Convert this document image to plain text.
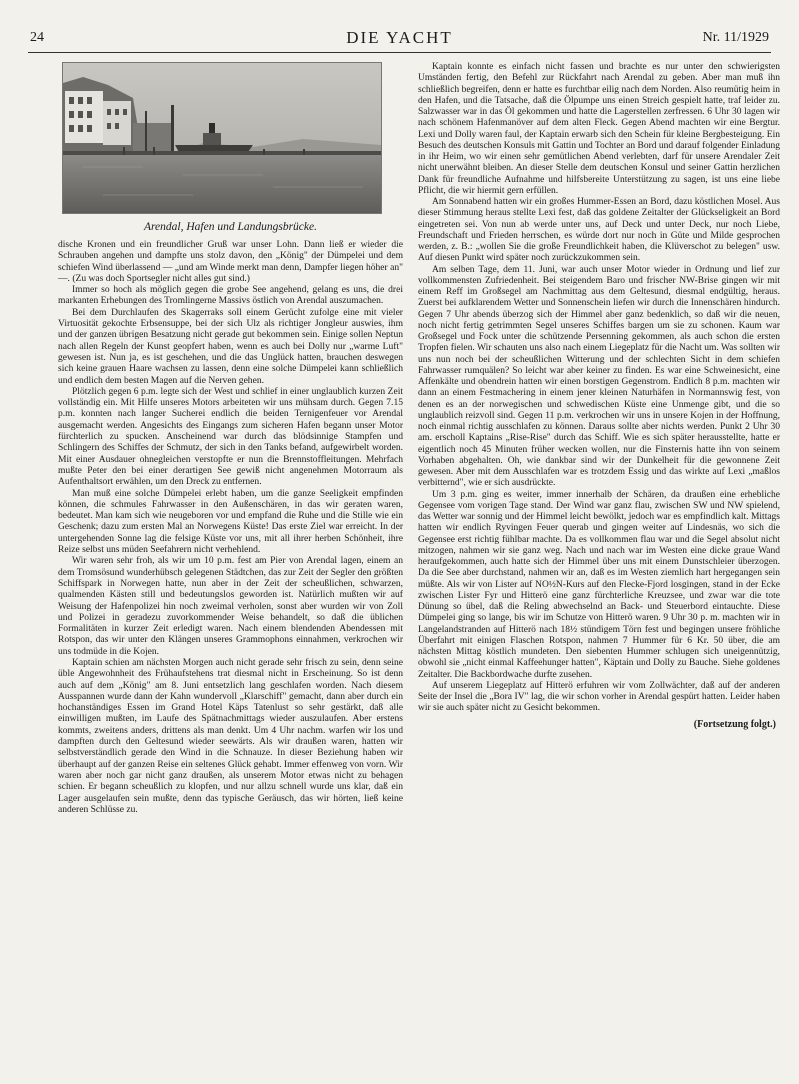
24	DIE YACHT	Nr. 11/1929
Arendal, Hafen und Landungsbrücke.

dische Kronen und ein freundlicher Gruß war unser Lohn. Dann ließ er wieder die Schrauben angehen und dampfte uns stolz davon, den „König" der Dümpelei und dem schiefen Wind überlassend — „und am Winde merkt man denn, Dampfer liegen höher an" —. (Zu was doch Sportsegler nicht alles gut sind.)

Immer so hoch als möglich gegen die grobe See angehend, gelang es uns, die drei markanten Erhebungen des Tromlingerne Massivs östlich von Arendal auszumachen.

Bei dem Durchlaufen des Skagerraks soll einem Gerücht zufolge eine mit vieler Virtuosität gekochte Erbsensuppe, bei der sich Ulz als richtiger Jongleur auswies, ihm und der ganzen übrigen Besatzung nicht gerade gut bekommen sein. Einige sollen Neptun nach allen Regeln der Kunst geopfert haben, wenn es auch bei Dolly nur „warme Luft" gewesen ist. Nun ja, es ist geschehen, und die das Unglück hatten, brauchen deswegen sich keine grauen Haare wachsen zu lassen, denn eine solche Dümpelei kann schließlich und endlich dem besten Magen auf die Nerven gehen.

Plötzlich gegen 6 p.m. legte sich der West und schlief in einer unglaublich kurzen Zeit vollständig ein. Mit Hilfe unseres Motors arbeiteten wir uns mühsam durch. Gegen 7.15 p.m. konnten nach langer Sucherei endlich die beiden Ternigenfeuer vor Arendal ausgemacht werden. Angesichts des Eingangs zum sicheren Hafen begann unser Motor fürchterlich zu spucken. Anscheinend war durch das blödsinnige Stampfen und Schlingern des Schiffes der Schmutz, der sich in den Tanks befand, aufgewirbelt worden. Mit einer Ausdauer ohnegleichen verstopfte er nun die Brennstoffleitungen. Mehrfach mußte Peter den bei einer derartigen See gewiß nicht angenehmen Motorraum als Aufenthaltsort erwählen, um den Dreck zu entfernen.

Man muß eine solche Dümpelei erlebt haben, um die ganze Seeligkeit empfinden können, die schmules Fahrwasser in den Außenschären, in das wir geraten waren, bedeutet. Man kam sich wie neugeboren vor und empfand die Ruhe und die Stille wie ein Geschenk; dazu zum ersten Mal an Norwegens Küste! Das erste Ziel war erreicht. In der untergehenden Sonne lag die felsige Küste vor uns, mit all ihrer herben Schönheit, ihre Reize selbst uns müden Seefahrern nicht verhehlend.

Wir waren sehr froh, als wir um 10 p.m. fest am Pier von Arendal lagen, einem an dem Tromsösund wunderhübsch gelegenen Städtchen, das zur Zeit der Segler den größten Schiffspark in Norwegen hatte, nun aber in der Zeit der scheußlichen, schwarzen, qualmenden Kästen still und bedeutungslos geworden ist. Natürlich mußten wir auf Weisung der Hafenpolizei hin noch zweimal verholen, sonst aber wurden wir von Zoll und Polizei in geradezu zuvorkommender Weise behandelt, so daß die üblichen Formalitäten in kurzer Zeit erledigt waren. Nach einem blendenden Abendessen mit Rotspon, das wir unter den Klängen unseres Grammophons einnahmen, verkrochen wir uns todmüde in die Kojen.

Kaptain schien am nächsten Morgen auch nicht gerade sehr frisch zu sein, denn seine üble Angewohnheit des Frühaufstehens trat diesmal nicht in Erscheinung. So ist denn auch auf dem „König" am 8. Juni entsetzlich lang geschlafen worden. Nach diesem Ausspannen wurde dann der Kahn wundervoll „Klarschiff" gemacht, dann aber durch ein hochanständiges Essen im Grand Hotel Käps Tatenlust so sehr gestärkt, daß alle einwilligen mußten, im Laufe des Spätnachmittags wieder auszulaufen. Aber erstens kommts, zweitens anders, drittens als man denkt. Um 4 Uhr nachm. warfen wir los und dampften durch den Geltesund wieder seewärts. Als wir draußen waren, hatten wir selbstverständlich gerade den Wind in die Schnauze. In dieser Beziehung haben wir überhaupt auf der ganzen Reise ein seltenes Glück gehabt. Immer effenweg von vorn. Wir waren aber noch gar nicht ganz draußen, als unserem Motor etwas nicht zu behagen schien. Er begann scheußlich zu klopfen, und nur allzu schnell wurde uns klar, daß ein Lager ausgelaufen sein mußte, denn das typische Geräusch, das wir hörten, ließ keine anderen Schlüsse zu.

Kaptain konnte es einfach nicht fassen und brachte es nur unter den schwierigsten Umständen fertig, den Befehl zur Rückfahrt nach Arendal zu geben. Aber man muß ihn schließlich begreifen, denn er hatte es furchtbar eilig nach dem Norden. Also reumütig heim in den Hafen, und die Tatsache, daß die Ölpumpe uns einen Streich gespielt hatte, traf leider zu. Salzwasser war in das Öl gekommen und hatte die Lagerstellen zerfressen. 6 Uhr 30 lagen wir nach schönem Hafenmanöver auf dem alten Fleck. Gegen Abend machten wir eine Bergtur. Lexi und Dolly waren faul, der Kaptain erwarb sich den Schein für kleine Bergbesteigung. Ein Besuch des deutschen Konsuls mit Gattin und Tochter an Bord und darauf folgender Einladung in ihr Heim, wo wir einen sehr gemütlichen Abend verlebten, darf für unsere Arendaler Zeit nicht unerwähnt bleiben. An dieser Stelle dem deutschen Konsul und seiner Gattin herzlichen Dank für freundliche Aufnahme und hilfsbereite Unterstützung zu sagen, ist uns eine liebe Pflicht, die wir hiermit gern erfüllen.

Am Sonnabend hatten wir ein großes Hummer-Essen an Bord, dazu köstlichen Mosel. Aus dieser Stimmung heraus stellte Lexi fest, daß das goldene Zeitalter der Glückseligkeit an Bord eingetreten sei. Von nun ab werde unter uns, auf Deck und unter Deck, nur noch Liebe, Freundschaft und Frieden herrschen, es würde dort nur noch in Güte und Milde gesprochen werden, z. B.: „wollen Sie die große Freundlichkeit haben, die Klüverschot zu belegen" usw. Auf diesen Punkt wird später noch zurückzukommen sein.

Am selben Tage, dem 11. Juni, war auch unser Motor wieder in Ordnung und lief zur vollkommensten Zufriedenheit. Bei steigendem Baro und frischer NW-Brise gingen wir mit einem Reff im Großsegel am Nachmittag aus dem Geltesund, diesmal endgültig, heraus. Zuerst bei aufklarendem Wetter und Sonnenschein liefen wir durch die Innenschären hindurch. Gegen 7 Uhr abends überzog sich der Himmel aber ganz bedenklich, so daß wir die neuen, noch nicht fertig getrimmten Segel unseres Schiffes bargen um sie zu schonen. Kaum war Großsegel und Fock unter die schützende Persenning gekommen, als auch schon die ersten Tropfen fielen. Wir schauten uns also nach einem Liegeplatz für die Nacht um. Was sollten wir uns nun noch bei der scheußlichen Witterung und der schlechten Sicht in dem schiefen Fahrwasser rumquälen? So leicht war aber keiner zu finden. Es war eine Schweinesicht, eine Affenkälte und obendrein hatten wir einen borstigen Gegenstrom. Endlich 8 p.m. machten wir dann an einem Festmachering in einem jener kleinen Naturhäfen in Normannswig fest, von denen es an der norwegischen und schwedischen Küste eine Unmenge gibt, und die so unglaublich reizvoll sind. Gegen 11 p.m. verkrochen wir uns in unsere Kojen in der Hoffnung, noch einmal richtig ausschlafen zu können. Daraus sollte aber nichts werden. Punkt 2 Uhr 30 am. erscholl Kaptains „Rise-Rise" durch das Schiff. Wie es sich später herausstellte, hatte er eigentlich noch 45 Minuten früher wecken wollen, nur die Finsternis hatte ihn von seinem Vorhaben abgehalten. Oh, wie dankbar sind wir der Dunkelheit für die gewonnene Zeit gewesen. Aber mit dem Ausschlafen war es trotzdem Essig und das wirkte auf Lexi „maßlos verbitternd", wie er sich ausdrückte.

Um 3 p.m. ging es weiter, immer innerhalb der Schären, da draußen eine erhebliche Gegensee vom vorigen Tage stand. Der Wind war ganz flau, zwischen SW und NW spielend, das Wetter war sonnig und der Himmel leicht bewölkt, jedoch war es empfindlich kalt. Mittags hatten wir endlich Ryvingen Feuer querab und gingen weiter auf Lindesnäs, wo sich die Gegensee erst richtig fühlbar machte. Da es vollkommen flau war und die Segel absolut nicht mitzogen, nahmen wir sie ganz weg. Nach und nach war im Westen eine dicke graue Wand heraufgekommen, auch hatte sich der Himmel über uns mit einem Dunstschleier überzogen. Da die See aber durchstand, nahmen wir an, daß es im Westen ziemlich hart hergegangen sein müßte. Als wir von Lister auf NO½N-Kurs auf den Flecke-Fjord losgingen, stand in der Ecke zwischen Lister Fyr und Hitterö eine ganz fürchterliche Kreuzsee, und zwar war die tote Dünung so übel, daß die Reling abwechselnd an Back- und Steuerbord eintauchte. Diese Dümpelei ging so lange, bis wir im Schutze von Hitterö waren. 9 Uhr 30 p. m. machten wir in Langelandstranden auf Hitterö nach 18½ stündigem Törn fest und begingen unsere fröhliche Überfahrt mit einigen Flaschen Rotspon, nahmen 7 Hummer für 6 Kr. 50 über, die am nächsten Mittag köstlich mundeten. Den siebenten Hummer schlugen sich uneigennützig, obwohl sie „nicht einmal Kaffeehunger hatten", Käptain und Dolly zu Bauche. Siehe goldenes Zeitalter. Die Backbordwache durfte zusehen.

Auf unserem Liegeplatz auf Hitterö erfuhren wir vom Zollwächter, daß auf der anderen Seite der Insel die „Bora IV" lag, die wir schon vorher in Arendal gespürt hatten. Leider haben wir sie auch später nicht zu Gesicht bekommen.

(Fortsetzung folgt.)
